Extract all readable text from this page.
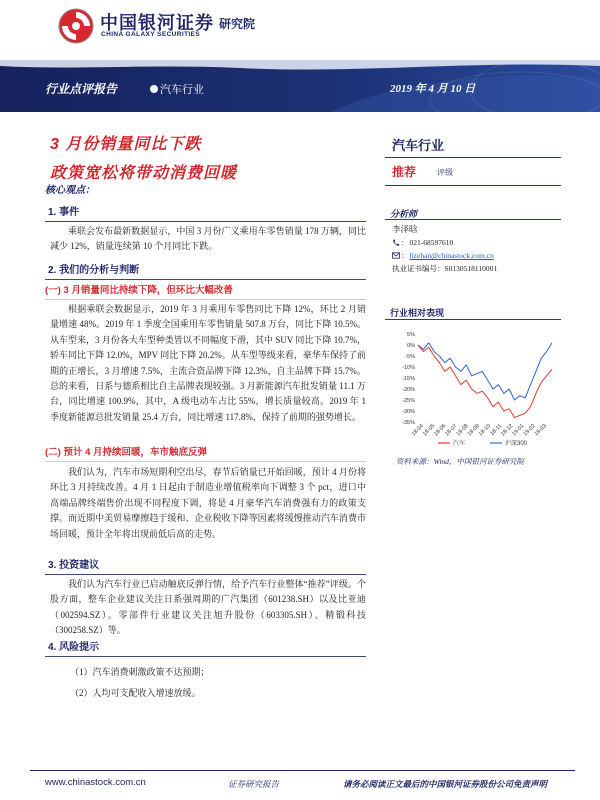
中国银河证券
CHINA GALAXY SECURITIES
研究院
行业点评报告	汽车行业	2019 年 4 月 10 日
3 月份销量同比下跌
政策宽松将带动消费回暖
核心观点：
1. 事件
乘联会发布最新数据显示，中国 3 月份广义乘用车零售销量 178 万辆，同比减少 12%，销量连续第 10 个月同比下跌。
2. 我们的分析与判断
(一) 3 月销量同比持续下降，但环比大幅改善
根据乘联会数据显示，2019 年 3 月乘用车零售同比下降 12%，环比 2 月销量增速 48%。2019 年 1 季度全国乘用车零售销量 507.8 万台，同比下降 10.5%。从车型来，3 月份各大车型种类皆以不同幅度下滑，其中 SUV 同比下降 10.7%，轿车同比下降 12.0%，MPV 同比下降 20.2%。从车型等级来看，豪华车保持了前期的正增长，3 月增速 7.5%，主流合资品牌下降 12.3%，自主品牌下降 15.7%。总的来看，日系与德系相比自主品牌表现较强。3 月新能源汽车批发销量 11.1 万台，同比增速 100.9%，其中，A 级电动车占比 55%，增长质量较高。2019 年 1 季度新能源总批发销量 25.4 万台，同比增速 117.8%，保持了前期的强势增长。
(二) 预计 4 月持续回暖，车市触底反弹
我们认为，汽车市场短期利空出尽，春节后销量已开始回暖，预计 4 月份将环比 3 月持续改善。4 月 1 日起由于制造业增值税率向下调整 3 个 pct，进口中高端品牌终端售价出现不同程度下调，将是 4 月豪华汽车消费强有力的政策支撑。而近期中美贸易摩擦趋于缓和、企业税收下降等因素将缓慢推动汽车消费市场回暖，预计全年将出现前低后高的走势。
3. 投资建议
我们认为汽车行业已启动触底反弹行情，给予汽车行业整体“推荐”评级。个股方面，整车企业建议关注日系强周期的广汽集团（601238.SH）以及比亚迪（002594.SZ）。零部件行业建议关注旭升股份（603305.SH）、精锻科技（300258.SZ）等。
4. 风险提示
（1）汽车消费刺激政策不达预期；
（2）人均可支配收入增速放缓。
汽车行业
推荐	评级
分析师
李泽晗
： 021-68597610
： lizehan@chinastock.com.cn
执业证书编号：S0130518110001
行业相对表现
5%
0%
-5%
-10%
-15%
-20%
-25%
-30%
-35%
18-04
18-05
18-06
18-07
18-08
18-09
18-10
18-11
18-12
19-01
19-02
19-03
汽车	沪深300
资料来源：Wind，中国银河证券研究院
www.chinastock.com.cn	证券研究报告	请务必阅读正文最后的中国银河证券股份公司免责声明
